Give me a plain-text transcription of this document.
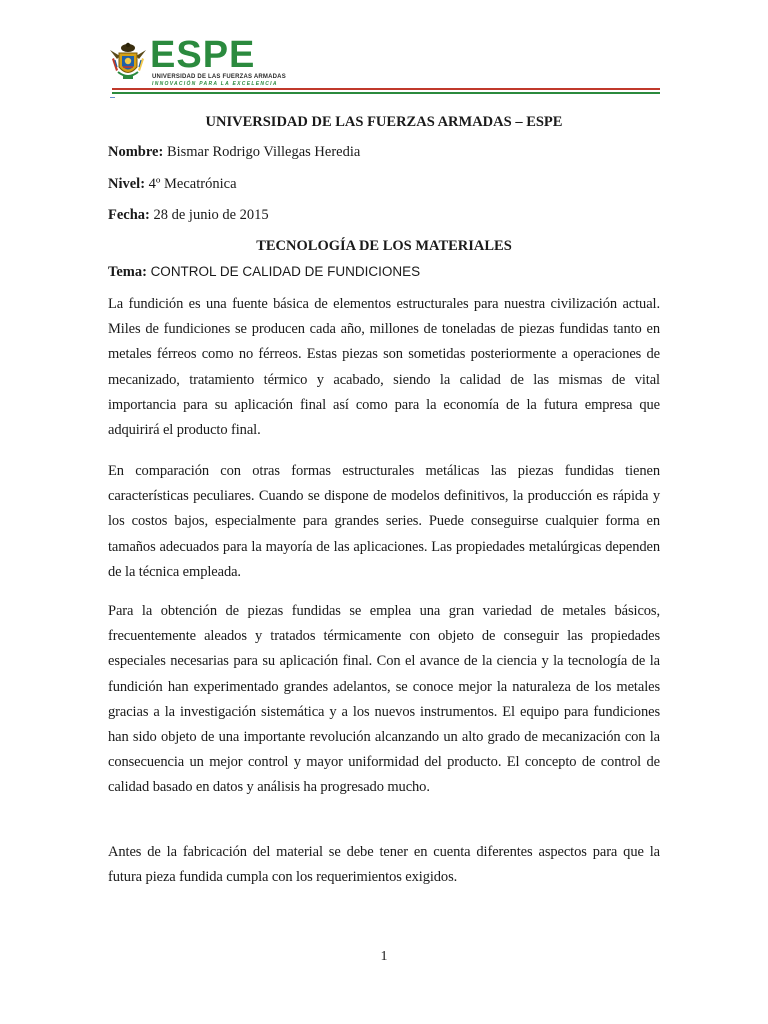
ESPE
UNIVERSIDAD DE LAS FUERZAS ARMADAS
INNOVACIÓN PARA LA EXCELENCIA
UNIVERSIDAD DE LAS FUERZAS ARMADAS – ESPE
Nombre: Bismar Rodrigo Villegas Heredia
Nivel: 4º Mecatrónica
Fecha: 28 de junio de 2015
TECNOLOGÍA DE LOS MATERIALES
Tema: CONTROL DE CALIDAD DE FUNDICIONES

La fundición es una fuente básica de elementos estructurales para nuestra civilización actual. Miles de fundiciones se producen cada año, millones de toneladas de piezas fundidas tanto en metales férreos como no férreos. Estas piezas son sometidas posteriormente a operaciones de mecanizado, tratamiento térmico y acabado, siendo la calidad de las mismas de vital importancia para su aplicación final así como para la economía de la futura empresa que adquirirá el producto final.

En comparación con otras formas estructurales metálicas las piezas fundidas tienen características peculiares. Cuando se dispone de modelos definitivos, la producción es rápida y los costos bajos, especialmente para grandes series. Puede conseguirse cualquier forma en tamaños adecuados para la mayoría de las aplicaciones. Las propiedades metalúrgicas dependen de la técnica empleada.

Para la obtención de piezas fundidas se emplea una gran variedad de metales básicos, frecuentemente aleados y tratados térmicamente con objeto de conseguir las propiedades especiales necesarias para su aplicación final. Con el avance de la ciencia y la tecnología de la fundición han experimentado grandes adelantos, se conoce mejor la naturaleza de los metales gracias a la investigación sistemática y a los nuevos instrumentos. El equipo para fundiciones han sido objeto de una importante revolución alcanzando un alto grado de mecanización con la consecuencia un mejor control y mayor uniformidad del producto. El concepto de control de calidad basado en datos y análisis ha progresado mucho.

Antes de la fabricación del material se debe tener en cuenta diferentes aspectos para que la futura pieza fundida cumpla con los requerimientos exigidos.

1
